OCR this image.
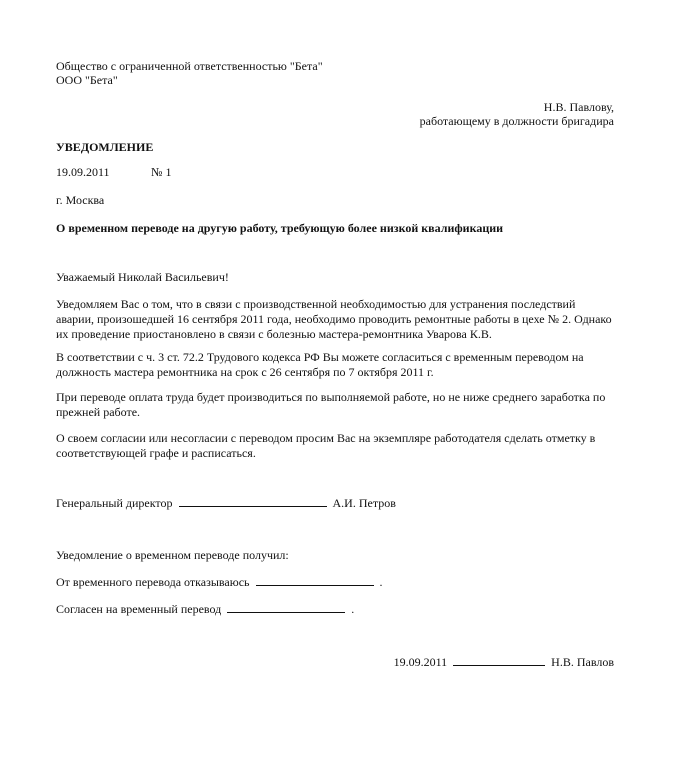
Общество с ограниченной ответственностью "Бета"
ООО "Бета"
Н.В. Павлову,
работающему в должности бригадира
УВЕДОМЛЕНИЕ
19.09.2011	№ 1
г. Москва
О временном переводе на другую работу, требующую более низкой квалификации
Уважаемый Николай Васильевич!
Уведомляем Вас о том, что в связи с производственной необходимостью для устранения последствий аварии, произошедшей 16 сентября 2011 года, необходимо проводить ремонтные работы в цехе № 2. Однако их проведение приостановлено в связи с болезнью мастера-ремонтника Уварова К.В.
В соответствии с ч. 3 ст. 72.2 Трудового кодекса РФ Вы можете согласиться с временным переводом на должность мастера ремонтника на срок с 26 сентября по 7 октября 2011 г.
При переводе оплата труда будет производиться по выполняемой работе, но не ниже среднего заработка по прежней работе.
О своем согласии или несогласии с переводом просим Вас на экземпляре работодателя сделать отметку в соответствующей графе и расписаться.
Генеральный директор	А.И. Петров
Уведомление о временном переводе получил:
От временного перевода отказываюсь	.
Согласен на временный перевод	.
19.09.2011	Н.В. Павлов
